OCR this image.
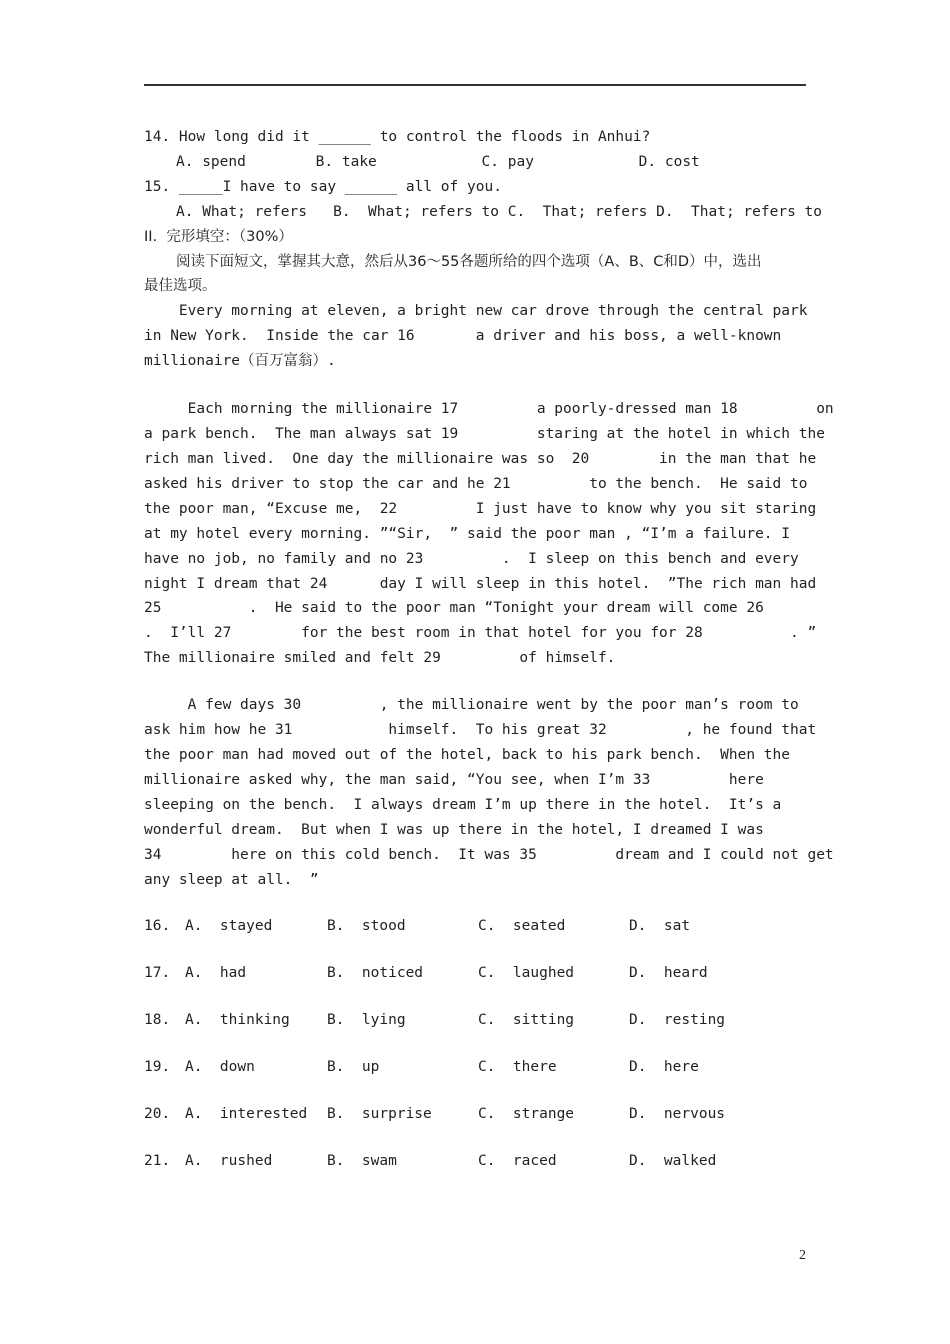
14. How long did it ______ to control the floods in Anhui?
A. spend        B. take            C. pay            D. cost
15. _____I have to say ______ all of you.
A. What; refers   B.  What; refers to C.  That; refers D.  That; refers to
II.  完形填空：（30%）
阅读下面短文，掌握其大意，然后从36～55各题所给的四个选项（A、B、C和D）中，选出
最佳选项。
Every morning at eleven, a bright new car drove through the central park
in New York.  Inside the car 16       a driver and his boss, a well-known
millionaire（百万富翁）.
Each morning the millionaire 17         a poorly-dressed man 18         on
a park bench.  The man always sat 19         staring at the hotel in which the
rich man lived.  One day the millionaire was so  20        in the man that he
asked his driver to stop the car and he 21         to the bench.  He said to
the poor man, “Excuse me,  22         I just have to know why you sit staring
at my hotel every morning. ”“Sir,  ” said the poor man , “I’m a failure. I
have no job, no family and no 23         .  I sleep on this bench and every
night I dream that 24      day I will sleep in this hotel.  ”The rich man had
25          .  He said to the poor man “Tonight your dream will come 26
.  I’ll 27        for the best room in that hotel for you for 28          . ”
The millionaire smiled and felt 29         of himself.
A few days 30         , the millionaire went by the poor man’s room to
ask him how he 31           himself.  To his great 32         , he found that
the poor man had moved out of the hotel, back to his park bench.  When the
millionaire asked why, the man said, “You see, when I’m 33         here
sleeping on the bench.  I always dream I’m up there in the hotel.  It’s a
wonderful dream.  But when I was up there in the hotel, I dreamed I was
34        here on this cold bench.  It was 35         dream and I could not get
any sleep at all.  ”
16. A.  stayed	B.  stood	C.  seated	D.  sat
17. A.  had	B.  noticed	C.  laughed	D.  heard
18. A.  thinking	B.  lying	C.  sitting	D.  resting
19. A.  down	B.  up	C.  there	D.  here
20. A.  interested B.  surprise	C.  strange	D.  nervous
21. A.  rushed	B.  swam	C.  raced	D.  walked
2
